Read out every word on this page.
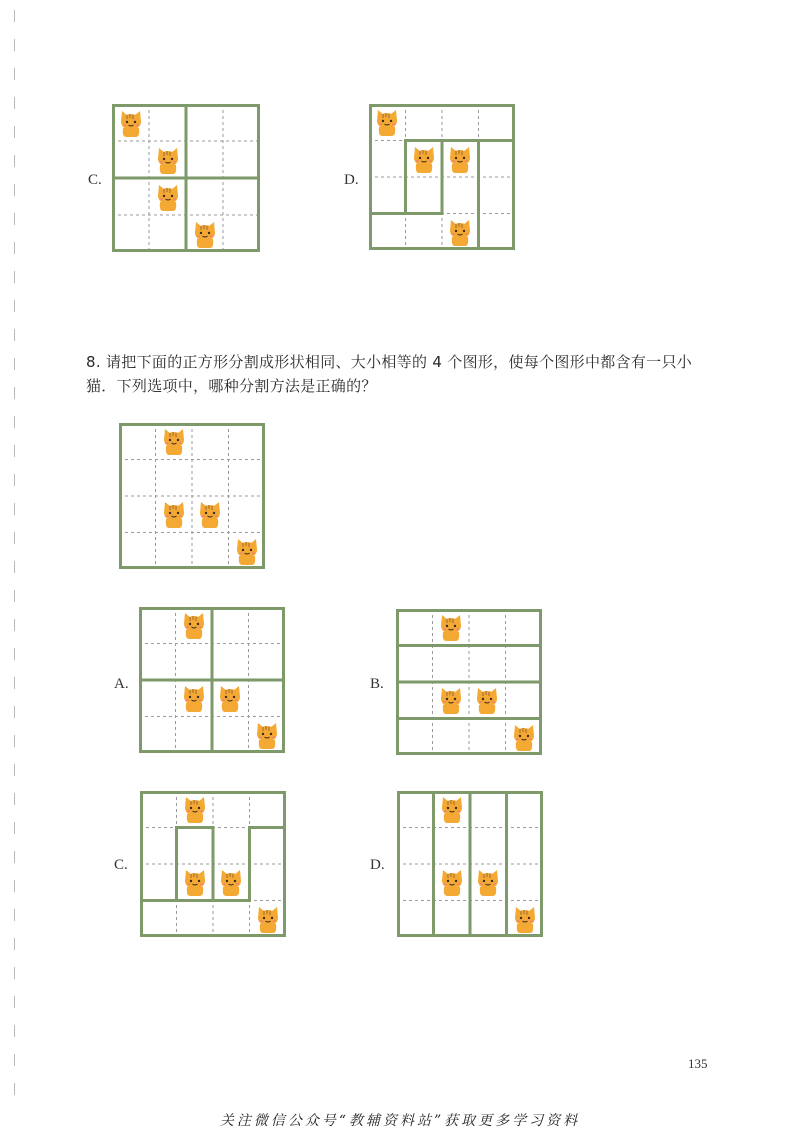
C.	D.
8. 请把下面的正方形分割成形状相同、大小相等的 4 个图形，使每个图形中都含有一只小猫．下列选项中，哪种分割方法是正确的？
A.	B.
C.	D.
135
关注微信公众号“教辅资料站”获取更多学习资料
